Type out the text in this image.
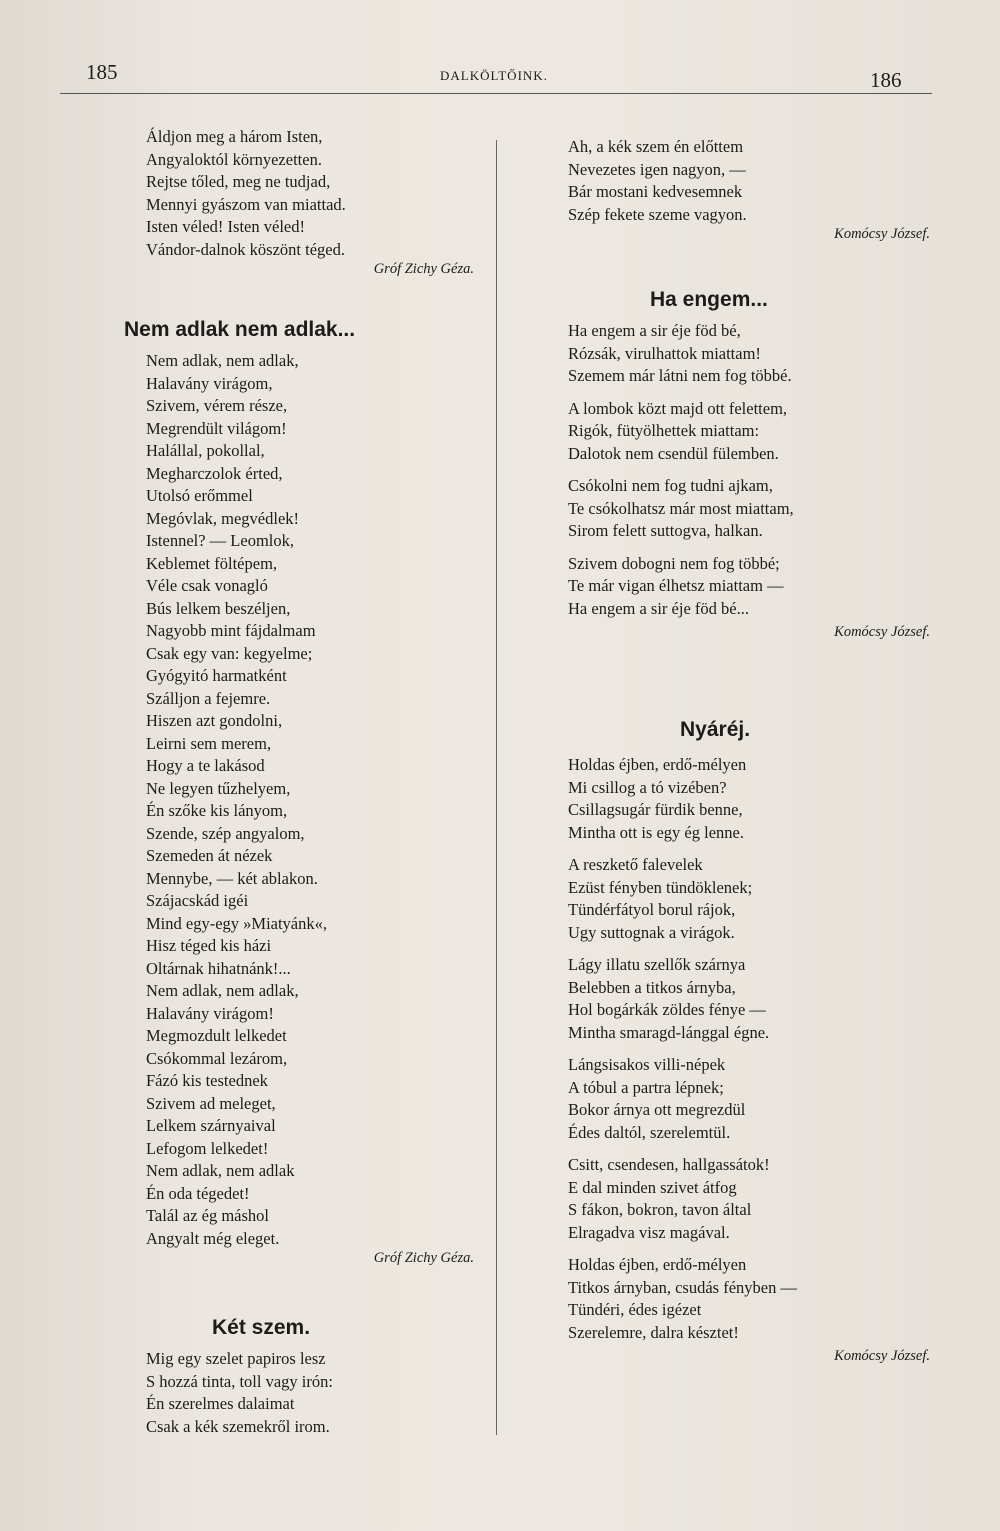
185	DALKÖLTŐINK.	186
Áldjon meg a három Isten,
Angyaloktól környezetten.
Rejtse tőled, meg ne tudjad,
Mennyi gyászom van miattad.
Isten véled! Isten véled!
Vándor-dalnok köszönt téged.
Gróf Zichy Géza.
Nem adlak nem adlak...
Nem adlak, nem adlak,
Halavány virágom,
Szivem, vérem része,
Megrendült világom!
Halállal, pokollal,
Megharczolok érted,
Utolsó erőmmel
Megóvlak, megvédlek!
Istennel? — Leomlok,
Keblemet föltépem,
Véle csak vonagló
Bús lelkem beszéljen,
Nagyobb mint fájdalmam
Csak egy van: kegyelme;
Gyógyitó harmatként
Szálljon a fejemre.
Hiszen azt gondolni,
Leirni sem merem,
Hogy a te lakásod
Ne legyen tűzhelyem,
Én szőke kis lányom,
Szende, szép angyalom,
Szemeden át nézek
Mennybe, — két ablakon.
Szájacskád igéi
Mind egy-egy »Miatyánk«,
Hisz téged kis házi
Oltárnak hihatnánk!...
Nem adlak, nem adlak,
Halavány virágom!
Megmozdult lelkedet
Csókommal lezárom,
Fázó kis testednek
Szivem ad meleget,
Lelkem szárnyaival
Lefogom lelkedet!
Nem adlak, nem adlak
Én oda tégedet!
Talál az ég máshol
Angyalt még eleget.
Gróf Zichy Géza.
Két szem.
Mig egy szelet papiros lesz
S hozzá tinta, toll vagy irón:
Én szerelmes dalaimat
Csak a kék szemekről irom.
Ah, a kék szem én előttem
Nevezetes igen nagyon, —
Bár mostani kedvesemnek
Szép fekete szeme vagyon.
Komócsy József.
Ha engem...
Ha engem a sir éje föd bé,
Rózsák, virulhattok miattam!
Szemem már látni nem fog többé.
A lombok közt majd ott felettem,
Rigók, fütyölhettek miattam:
Dalotok nem csendül fülemben.
Csókolni nem fog tudni ajkam,
Te csókolhatsz már most miattam,
Sirom felett suttogva, halkan.
Szivem dobogni nem fog többé;
Te már vigan élhetsz miattam —
Ha engem a sir éje föd bé...
Komócsy József.
Nyáréj.
Holdas éjben, erdő-mélyen
Mi csillog a tó vizében?
Csillagsugár fürdik benne,
Mintha ott is egy ég lenne.
A reszkető falevelek
Ezüst fényben tündöklenek;
Tündérfátyol borul rájok,
Ugy suttognak a virágok.
Lágy illatu szellők szárnya
Belebben a titkos árnyba,
Hol bogárkák zöldes fénye —
Mintha smaragd-lánggal égne.
Lángsisakos villi-népek
A tóbul a partra lépnek;
Bokor árnya ott megrezdül
Édes daltól, szerelemtül.
Csitt, csendesen, hallgassátok!
E dal minden szivet átfog
S fákon, bokron, tavon által
Elragadva visz magával.
Holdas éjben, erdő-mélyen
Titkos árnyban, csudás fényben —
Tündéri, édes igézet
Szerelemre, dalra késztet!
Komócsy József.
